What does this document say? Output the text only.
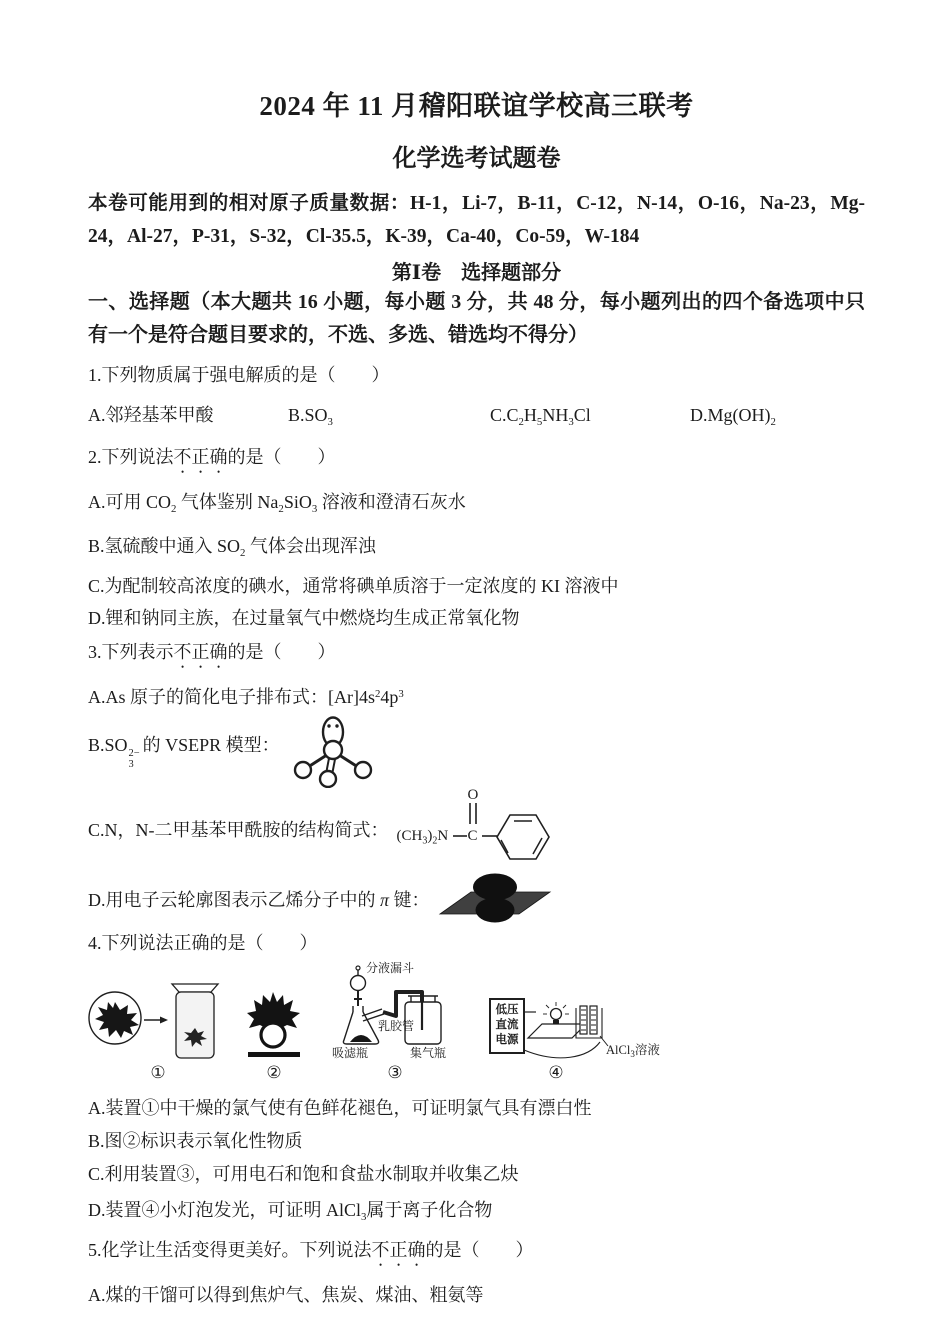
2024 年 11 月稽阳联谊学校高三联考
化学选考试题卷

本卷可能用到的相对原子质量数据：H-1，Li-7，B-11，C-12，N-14，O-16，Na-23，Mg-24，Al-27，P-31，S-32，Cl-35.5，K-39，Ca-40，Co-59，W-184

第Ⅰ卷　选择题部分

一、选择题（本大题共 16 小题，每小题 3 分，共 48 分，每小题列出的四个备选项中只有一个是符合题目要求的，不选、多选、错选均不得分）

1.下列物质属于强电解质的是（　　）

A.邻羟基苯甲酸	$B.SO_3$	$C.C_2H_5NH_3Cl$	$D.Mg(OH)_2$

2.下列说法不正确的是（　　）

A.可用 $CO_2$ 气体鉴别 $Na_2SiO_3$ 溶液和澄清石灰水

B.氢硫酸中通入 $SO_2$ 气体会出现浑浊

C.为配制较高浓度的碘水，通常将碘单质溶于一定浓度的 KI 溶液中

D.锂和钠同主族，在过量氧气中燃烧均生成正常氧化物

3.下列表示不正确的是（　　）

A.As 原子的简化电子排布式：$[Ar]4s^24p^3$

B.SO 2−
3
的 VSEPR 模型：
C.N，N-二甲基苯甲酰胺的结构简式： $(CH_3)_2N$ C
O
D.用电子云轮廓图表示乙烯分子中的 π 键：

4.下列说法正确的是（　　）

①	②
分液漏斗
乳胶管
吸滤瓶	集气瓶
③
低压
直流
电源
AlCl$_3$溶液
④

A.装置①中干燥的氯气使有色鲜花褪色，可证明氯气具有漂白性

B.图②标识表示氧化性物质

C.利用装置③，可用电石和饱和食盐水制取并收集乙炔

D.装置④小灯泡发光，可证明 AlCl$_3$属于离子化合物

5.化学让生活变得更美好。下列说法不正确的是（　　）

A.煤的干馏可以得到焦炉气、焦炭、煤油、粗氨等
